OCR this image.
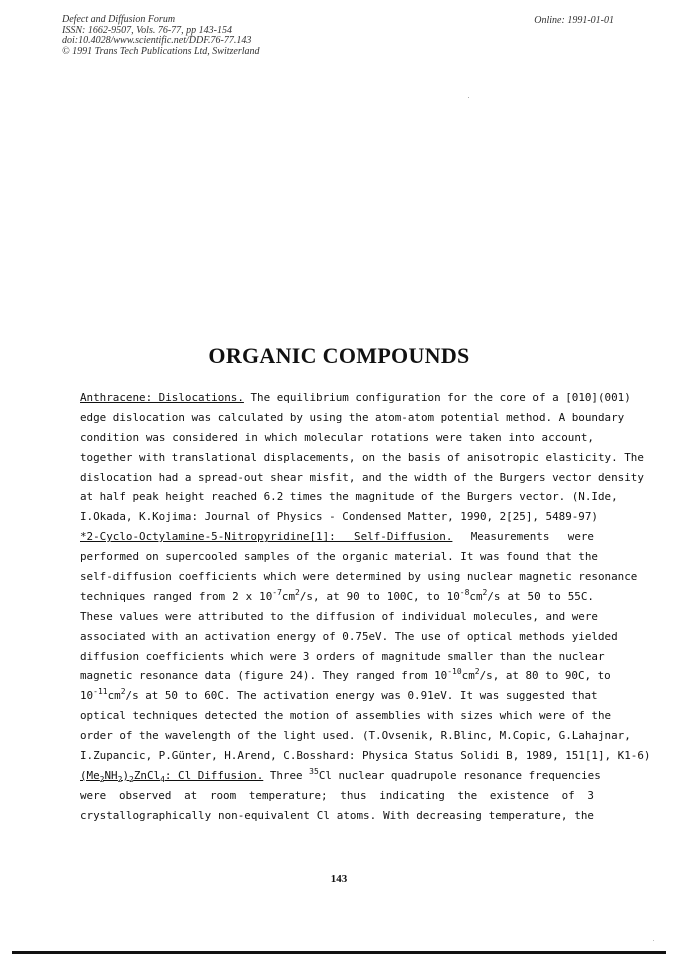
Defect and Diffusion Forum
ISSN: 1662-9507, Vols. 76-77, pp 143-154
doi:10.4028/www.scientific.net/DDF.76-77.143
© 1991 Trans Tech Publications Ltd, Switzerland
Online: 1991-01-01
ORGANIC COMPOUNDS
Anthracene: Dislocations. The equilibrium configuration for the core of a [010](001)
edge dislocation was calculated by using the atom-atom potential method. A boundary
condition was considered in which molecular rotations were taken into account,
together with translational displacements, on the basis of anisotropic elasticity. The
dislocation had a spread-out shear misfit, and the width of the Burgers vector density
at half peak height reached 6.2 times the magnitude of the Burgers vector. (N.Ide,
I.Okada, K.Kojima: Journal of Physics - Condensed Matter, 1990, 2[25], 5489-97)
*2-Cyclo-Octylamine-5-Nitropyridine[1]: Self-Diffusion. Measurements were
performed on supercooled samples of the organic material. It was found that the
self-diffusion coefficients which were determined by using nuclear magnetic resonance
techniques ranged from 2 x $10^{-7}cm^2/s$, at 90 to 100C, to $10^{-8}cm^2/s$ at 50 to 55C.
These values were attributed to the diffusion of individual molecules, and were
associated with an activation energy of 0.75eV. The use of optical methods yielded
diffusion coefficients which were 3 orders of magnitude smaller than the nuclear
magnetic resonance data (figure 24). They ranged from $10^{-10}cm^2/s$, at 80 to 90C, to
$10^{-11}cm^2/s$ at 50 to 60C. The activation energy was 0.91eV. It was suggested that
optical techniques detected the motion of assemblies with sizes which were of the
order of the wavelength of the light used. (T.Ovsenik, R.Blinc, M.Copic, G.Lahajnar,
I.Zupancic, P.Günter, H.Arend, C.Bosshard: Physica Status Solidi B, 1989, 151[1], K1-6)
$(Me_2NH_2)_2ZnCl_4$: Cl Diffusion. Three $^{35}$Cl nuclear quadrupole resonance frequencies
were observed at room temperature; thus indicating the existence of 3
crystallographically non-equivalent Cl atoms. With decreasing temperature, the
143
